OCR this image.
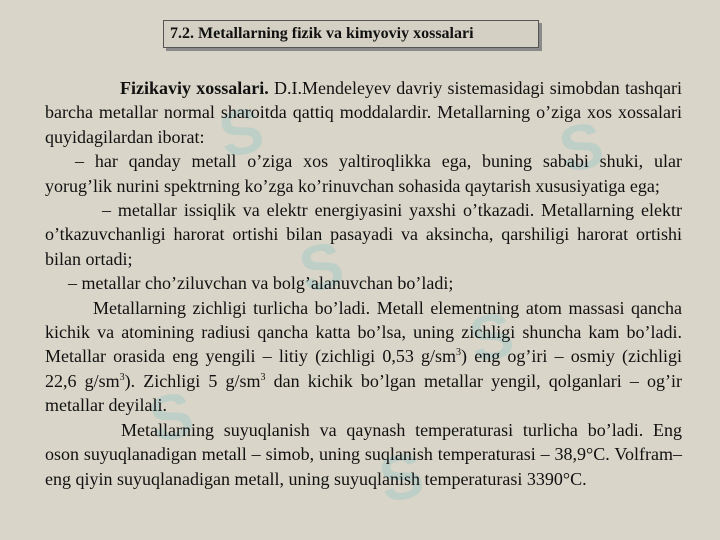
S	S
S
S
S
S
7.2. Metallarning fizik va kimyoviy xossalari

Fizikaviy xossalari. D.I.Mendeleyev davriy sistemasidagi simobdan tashqari barcha metallar normal sharoitda qattiq moddalardir. Metallarning o’ziga xos xossalari quyidagilardan iborat:

– har qanday metall o’ziga xos yaltiroqlikka ega, buning sababi shuki, ular yorug’lik nurini spektrning ko’zga ko’rinuvchan sohasida qaytarish xususiyatiga ega;

– metallar issiqlik va elektr energiyasini yaxshi o’tkazadi. Metallarning elektr o’tkazuvchanligi harorat ortishi bilan pasayadi va aksincha, qarshiligi harorat ortishi bilan ortadi;

– metallar cho’ziluvchan va bolg’alanuvchan bo’ladi;

Metallarning zichligi turlicha bo’ladi. Metall elementning atom massasi qancha kichik va atomining radiusi qancha katta bo’lsa, uning zichligi shuncha kam bo’ladi. Metallar orasida eng yengili – litiy (zichligi 0,53 $g/sm^3$) eng og’iri – osmiy (zichligi 22,6 $g/sm^3$). Zichligi 5 $g/sm^3$ dan kichik bo’lgan metallar yengil, qolganlari – og’ir metallar deyilali.

Metallarning suyuqlanish va qaynash temperaturasi turlicha bo’ladi. Eng oson suyuqlanadigan metall – simob, uning suqlanish temperaturasi – 38,9°C. Volfram– eng qiyin suyuqlanadigan metall, uning suyuqlanish temperaturasi 3390°C.
